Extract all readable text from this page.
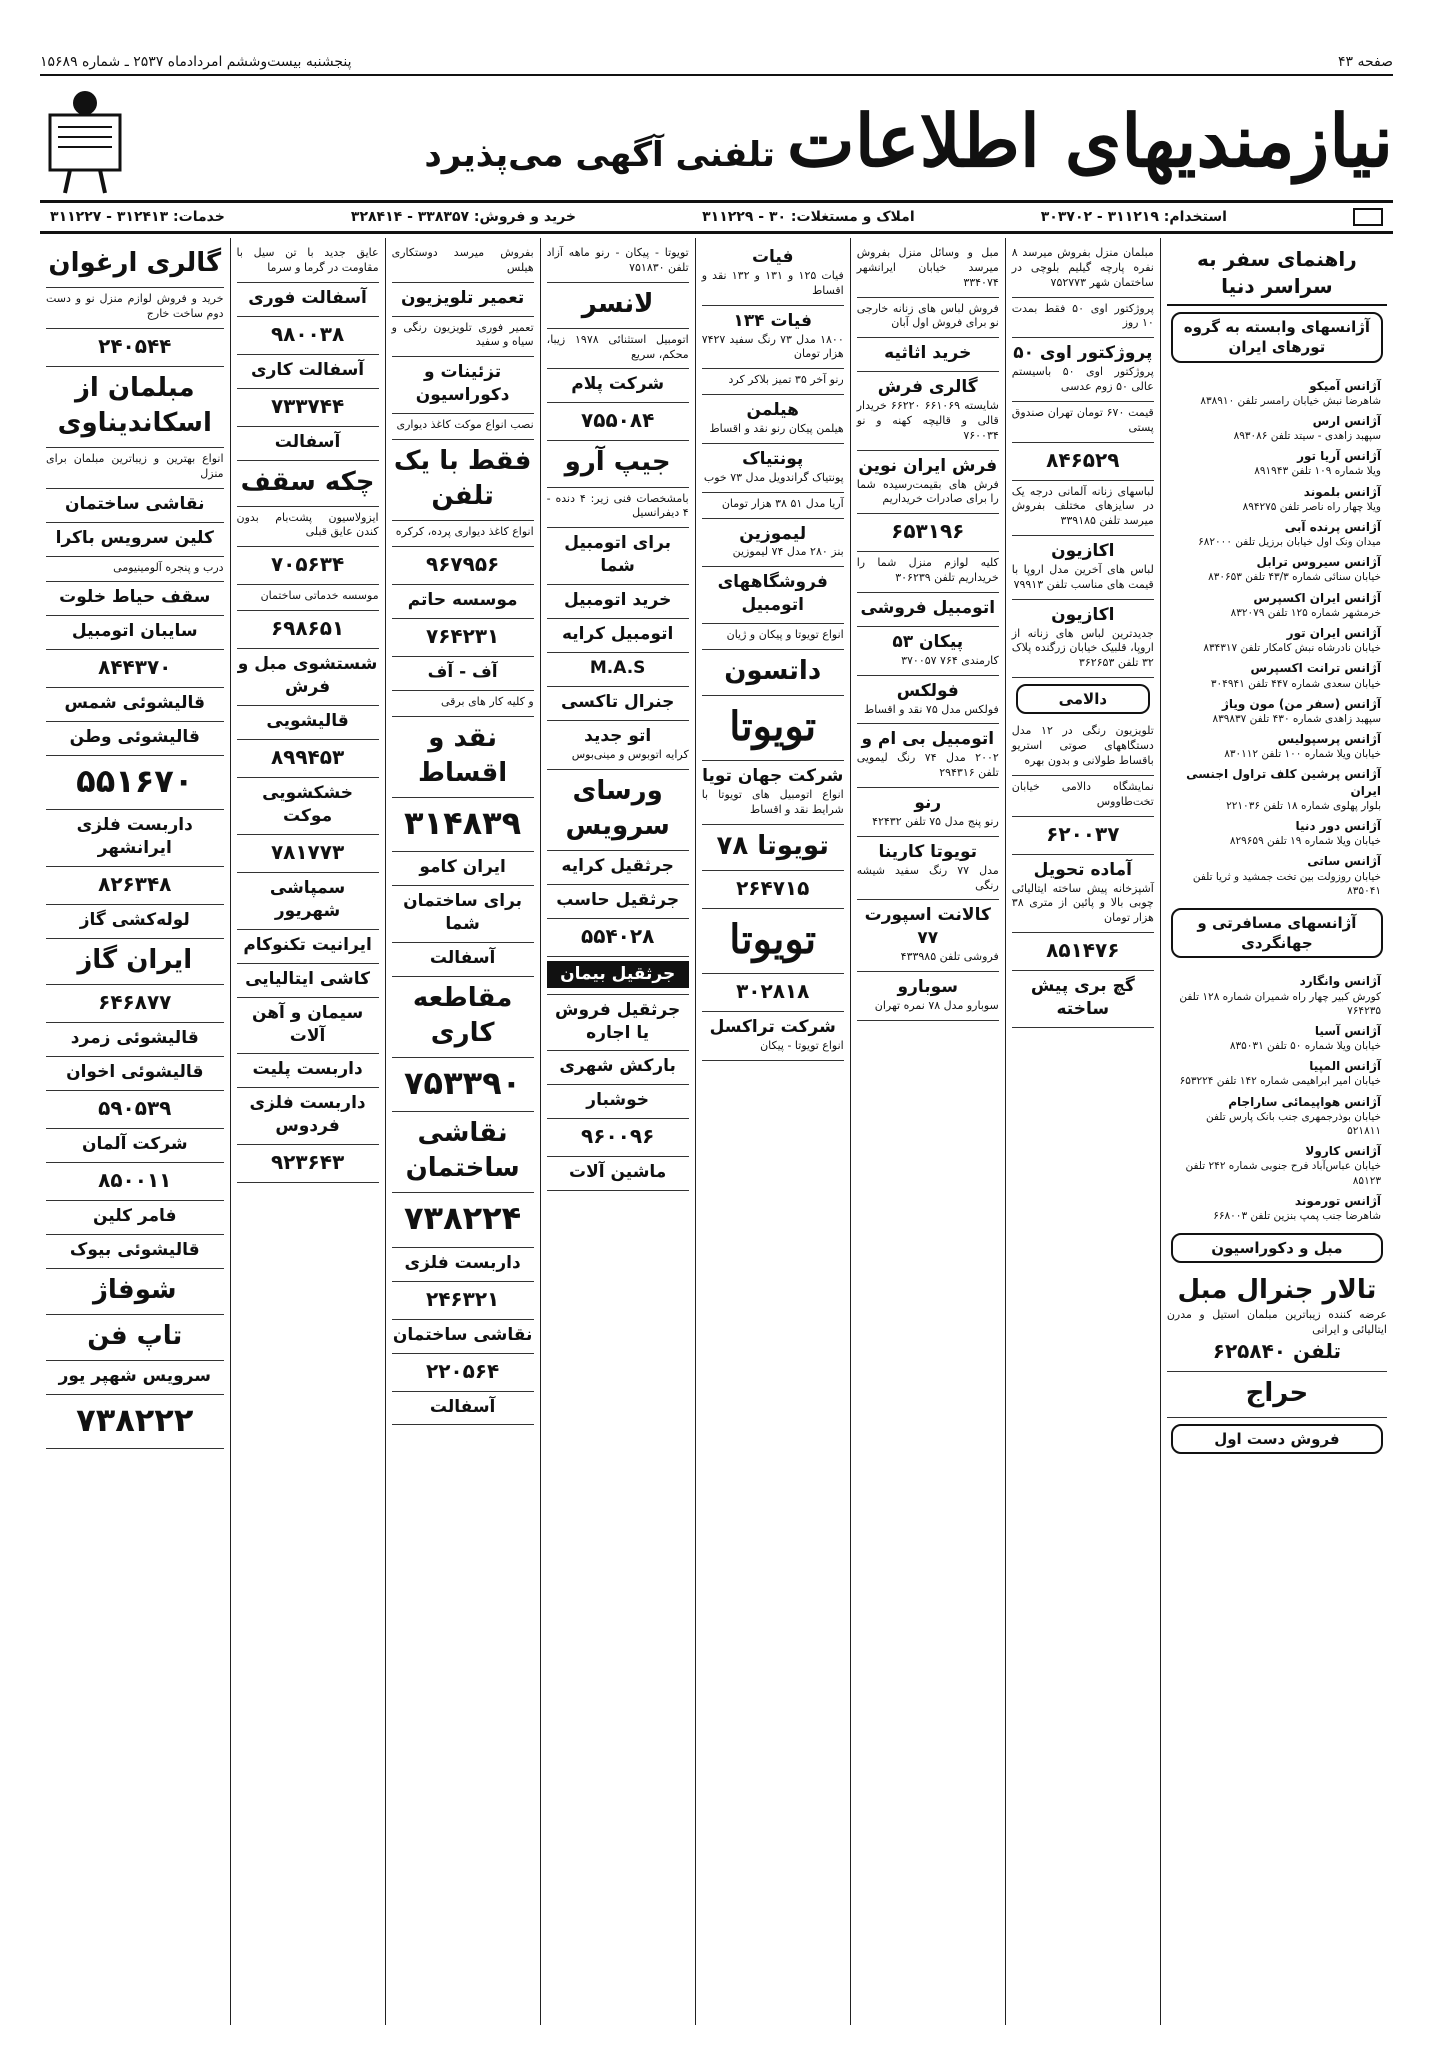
صفحه ۴۳
پنجشنبه بیست‌وششم امردادماه ۲۵۳۷ ـ شماره ۱۵۶۸۹
نیازمندیهای اطلاعات
تلفنی آگهی می‌پذیرد
استخدام: ۳۱۱۲۱۹ - ۳۰۳۷۰۲
املاک و مستغلات: ۳۰ - ۳۱۱۲۲۹
خرید و فروش: ۳۳۸۳۵۷ - ۳۲۸۴۱۴
خدمات: ۳۱۲۴۱۳ - ۳۱۱۲۲۷
راهنمای سفر به سراسر دنیا
آژانسهای وابسته به گروه تورهای ایران
آژانس آمیکو
شاهرضا نبش خیابان رامسر تلفن ۸۳۸۹۱۰
آژانس ارس
سپهبد زاهدی - سیتد تلفن ۸۹۳۰۸۶
آژانس آریا تور
ویلا شماره ۱۰۹ تلفن ۸۹۱۹۴۳
آژانس بلموند
ویلا چهار راه ناصر تلفن ۸۹۴۲۷۵
آژانس پرنده آبی
میدان ونک اول خیابان برزیل تلفن ۶۸۲۰۰۰
آژانس سیروس ترابل
خیابان سنائی شماره ۴۳/۳ تلفن ۸۳۰۶۵۳
آژانس ایران اکسپرس
خرمشهر شماره ۱۲۵ تلفن ۸۳۲۰۷۹
آژانس ایران تور
خیابان نادرشاه نبش کامکار تلفن ۸۳۴۳۱۷
آژانس ترانت اکسپرس
خیابان سعدی شماره ۴۴۷ تلفن ۳۰۴۹۴۱
آژانس (سفر من) مون ویاژ
سپهبد زاهدی شماره ۴۳۰ تلفن ۸۳۹۸۳۷
آژانس پرسپولیس
خیابان ویلا شماره ۱۰۰ تلفن ۸۳۰۱۱۲
آژانس پرشین کلف تراول اجنسی ایران
بلوار پهلوی شماره ۱۸ تلفن ۲۲۱۰۳۶
آژانس دور دنیا
خیابان ویلا شماره ۱۹ تلفن ۸۲۹۶۵۹
آژانس ساتی
خیابان روزولت بین تخت جمشید و ثریا تلفن ۸۳۵۰۴۱
آژانسهای مسافرتی و جهانگردی
آژانس وانگارد
کورش کبیر چهار راه شمیران شماره ۱۲۸ تلفن ۷۶۴۲۳۵
آژانس آسیا
خیابان ویلا شماره ۵۰ تلفن ۸۳۵۰۳۱
آژانس المپیا
خیابان امیر ابراهیمی شماره ۱۴۲ تلفن ۶۵۳۲۲۴
آژانس هواپیمائی ساراجام
خیابان بوذرجمهری جنب بانک پارس تلفن ۵۲۱۸۱۱
آژانس کارولا
خیابان عباس‌آباد فرح جنوبی شماره ۲۴۲ تلفن ۸۵۱۲۳
آژانس تورموند
شاهرضا جنب پمپ بنزین تلفن ۶۶۸۰۰۳
مبل و دکوراسیون
تالار جنرال مبل
عرضه کننده زیباترین مبلمان استیل و مدرن ایتالیائی و ایرانی
تلفن ۶۲۵۸۴۰
حراج
فروش دست اول
مبلمان منزل بفروش میرسد ۸ نفره پارچه گیلیم بلوچی در ساختمان شهر ۷۵۲۷۷۳
پروژکتور اوی ۵۰ فقط بمدت ۱۰ روز
پروژکتور اوی ۵۰
پروژکتور اوی ۵۰ باسیستم عالی ۵۰ زوم عدسی
قیمت ۶۷۰ تومان تهران صندوق پستی
۸۴۶۵۲۹
لباسهای زنانه آلمانی درجه یک در سایزهای مختلف بفروش میرسد تلفن ۳۳۹۱۸۵
اکازیون
لباس های آخرین مدل اروپا با قیمت های مناسب تلفن ۷۹۹۱۳
اکازیون
جدیدترین لباس های زنانه از اروپا، قلبیک خیابان زرگنده پلاک ۳۲ تلفن ۳۶۲۶۵۳
دالامی
تلویزیون رنگی در ۱۲ مدل دستگاههای صوتی استریو باقساط طولانی و بدون بهره
نمایشگاه دالامی خیابان تخت‌طاووس
۶۲۰۰۳۷
آماده تحویل
آشپزخانه پیش ساخته ایتالیائی چوبی بالا و پائین از متری ۳۸ هزار تومان
۸۵۱۴۷۶
گچ بری پیش ساخته
مبل و وسائل منزل بفروش میرسد خیابان ایرانشهر ۳۳۴۰۷۴
فروش لباس های زنانه خارجی نو برای فروش اول آبان
خرید اثاثیه
گالری فرش
شایسته ۶۶۱۰۶۹ ۶۶۲۲۰ خریدار قالی و قالیچه کهنه و نو ۷۶۰۰۳۴
فرش ایران نوین
فرش های بقیمت‌رسیده شما را برای صادرات خریداریم
۶۵۳۱۹۶
کلیه لوازم منزل شما را خریداریم تلفن ۳۰۶۲۳۹
اتومبیل فروشی
پیکان ۵۳
کارمندی ۷۶۴ ۳۷۰۰۵۷
فولکس
فولکس مدل ۷۵ نقد و اقساط
اتومبیل بی ام و
۲۰۰۲ مدل ۷۴ رنگ لیمویی تلفن ۲۹۴۳۱۶
رنو
رنو پنج مدل ۷۵ تلفن ۴۲۴۳۲
تویوتا کارینا
مدل ۷۷ رنگ سفید شیشه رنگی
کالانت اسپورت ۷۷
فروشی تلفن ۴۳۳۹۸۵
سوبارو
سوبارو مدل ۷۸ نمره تهران
فیات
فیات ۱۲۵ و ۱۳۱ و ۱۳۲ نقد و اقساط
فیات ۱۳۴
۱۸۰۰ مدل ۷۳ رنگ سفید ۷۴۲۷ هزار تومان
رنو آخر ۳۵ تمیز بلاکر کرد
هیلمن
هیلمن پیکان رنو نقد و اقساط
پونتیاک
پونتیاک گراندویل مدل ۷۳ خوب
آریا مدل ۵۱ ۳۸ هزار تومان
لیموزین
بنز ۲۸۰ مدل ۷۴ لیموزین
فروشگاههای اتومبیل
انواع تویوتا و پیکان و ژیان
داتسون
تویوتا
شرکت جهان تویا
انواع اتومبیل های تویوتا با شرایط نقد و اقساط
تویوتا ۷۸
۲۶۴۷۱۵
تویوتا
۳۰۲۸۱۸
شرکت تراکسل
انواع تویوتا - پیکان
تویوتا - پیکان - رنو ماهه آزاد تلفن ۷۵۱۸۳۰
لانسر
اتومبیل استثنائی ۱۹۷۸ زیبا، محکم، سریع
شرکت پلام
۷۵۵۰۸۴
جیپ آرو
بامشخصات فنی زیر: ۴ دنده - ۴ دیفرانسیل
برای اتومبیل شما
خرید اتومبیل
اتومبیل کرایه
M.A.S
جنرال تاکسی
اتو جدید
کرایه اتوبوس و مینی‌بوس
ورسای سرویس
جرثقیل کرایه
جرثقیل حاسب
۵۵۴۰۲۸
جرثقیل بیمان
جرثقیل فروش یا اجاره
بارکش شهری
خوشبار
۹۶۰۰۹۶
ماشین آلات
بفروش میرسد دوستکاری هیلس
تعمیر تلویزیون
تعمیر فوری تلویزیون رنگی و سیاه و سفید
تزئینات و دکوراسیون
نصب انواع موکت کاغذ دیواری
فقط با یک تلفن
انواع کاغذ دیواری پرده، کرکره
۹۶۷۹۵۶
موسسه حاتم
۷۶۴۲۳۱
آف - آف
و کلیه کار های برقی
نقد و اقساط
۳۱۴۸۳۹
ایران کامو
برای ساختمان شما
آسفالت
مقاطعه کاری
۷۵۳۳۹۰
نقاشی ساختمان
۷۳۸۲۲۴
داربست فلزی
۲۴۶۳۲۱
نقاشی ساختمان
۲۲۰۵۶۴
آسفالت
عایق جدید با تن سیل با مقاومت در گرما و سرما
آسفالت فوری
۹۸۰۰۳۸
آسفالت کاری
۷۳۳۷۴۴
آسفالت
چکه سقف
ایزولاسیون پشت‌بام بدون کندن عایق قبلی
۷۰۵۶۳۴
موسسه خدماتی ساختمان
۶۹۸۶۵۱
شستشوی مبل و فرش
قالیشویی
۸۹۹۴۵۳
خشکشویی موکت
۷۸۱۷۷۳
سمپاشی شهریور
ایرانیت تکنوکام
کاشی ایتالیایی
سیمان و آهن آلات
داربست پلیت
داربست فلزی فردوس
۹۲۳۶۴۳
گالری ارغوان
خرید و فروش لوازم منزل نو و دست دوم ساخت خارج
۲۴۰۵۴۴
مبلمان از اسکاندیناوی
انواع بهترین و زیباترین مبلمان برای منزل
نقاشی ساختمان
کلین سرویس باکرا
درب و پنجره آلومینیومی
سقف حیاط خلوت
سایبان اتومبیل
۸۴۴۳۷۰
قالیشوئی شمس
قالیشوئی وطن
۵۵۱۶۷۰
داربست فلزی ایرانشهر
۸۲۶۳۴۸
لوله‌کشی گاز
ایران گاز
۶۴۶۸۷۷
قالیشوئی زمرد
قالیشوئی اخوان
۵۹۰۵۳۹
شرکت آلمان
۸۵۰۰۱۱
فامر کلین
قالیشوئی بیوک
شوفاژ
تاپ فن
سرویس شهپر یور
۷۳۸۲۲۲
